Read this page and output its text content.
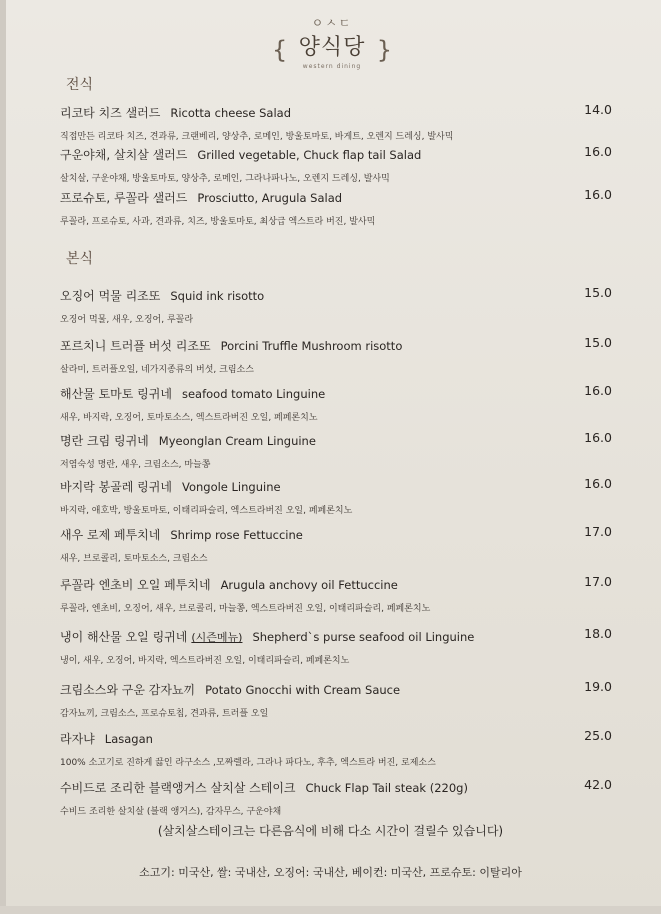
{	}
ㅇㅅㄷ
양식당
western dining
전식
리코타 치즈 샐러드 Ricotta cheese Salad	14.0
직접만든 리코타 치즈, 견과류, 크랜베리, 양상추, 로메인, 방울토마토, 바게트, 오렌지 드레싱, 발사믹
구운야채, 살치살 샐러드 Grilled vegetable, Chuck flap tail Salad	16.0
살치살, 구운야채, 방울토마토, 양상추, 로메인, 그라나파나노, 오렌지 드레싱, 발사믹
프로슈토, 루꼴라 샐러드 Prosciutto, Arugula Salad	16.0
루꼴라, 프로슈토, 사과, 견과류, 치즈, 방울토마토, 최상급 엑스트라 버진, 발사믹
본식
오징어 먹물 리조또 Squid ink risotto	15.0
오징어 먹물, 새우, 오징어, 루꼴라
포르치니 트러플 버섯 리조또 Porcini Truffle Mushroom risotto	15.0
살라미, 트러플오일, 네가지종류의 버섯, 크림소스
해산물 토마토 링귀네 seafood tomato Linguine	16.0
새우, 바지락, 오징어, 토마토소스, 엑스트라버진 오일, 페페론치노
명란 크림 링귀네 Myeonglan Cream Linguine	16.0
저염숙성 명란, 새우, 크림소스, 마늘쫑
바지락 봉골레 링귀네 Vongole Linguine	16.0
바지락, 애호박, 방울토마토, 이태리파슬리, 엑스트라버진 오일, 페페론치노
새우 로제 페투치네 Shrimp rose Fettuccine	17.0
새우, 브로콜리, 토마토소스, 크림소스
루꼴라 엔초비 오일 페투치네 Arugula anchovy oil Fettuccine	17.0
루꼴라, 엔초비, 오징어, 새우, 브로콜리, 마늘쫑, 엑스트라버진 오일, 이태리파슬리, 페페론치노
냉이 해산물 오일 링귀네 (시즌메뉴) Shepherd`s purse seafood oil Linguine	18.0
냉이, 새우, 오징어, 바지락, 엑스트라버진 오일, 이태리파슬리, 페페론치노
크림소스와 구운 감자뇨끼 Potato Gnocchi with Cream Sauce	19.0
감자뇨끼, 크림소스, 프로슈토칩, 견과류, 트러플 오일
라자냐 Lasagan	25.0
100% 소고기로 진하게 끓인 라구소스 ,모짜렐라, 그라나 파다노, 후추, 엑스트라 버진, 로제소스
수비드로 조리한 블랙앵거스 살치살 스테이크 Chuck Flap Tail steak (220g)	42.0
수비드 조리한 살치살 (블랙 앵거스), 감자무스, 구운야채
(살치살스테이크는 다른음식에 비해 다소 시간이 걸릴수 있습니다)
소고기: 미국산, 쌀: 국내산, 오징어: 국내산, 베이컨: 미국산, 프로슈토: 이탈리아
